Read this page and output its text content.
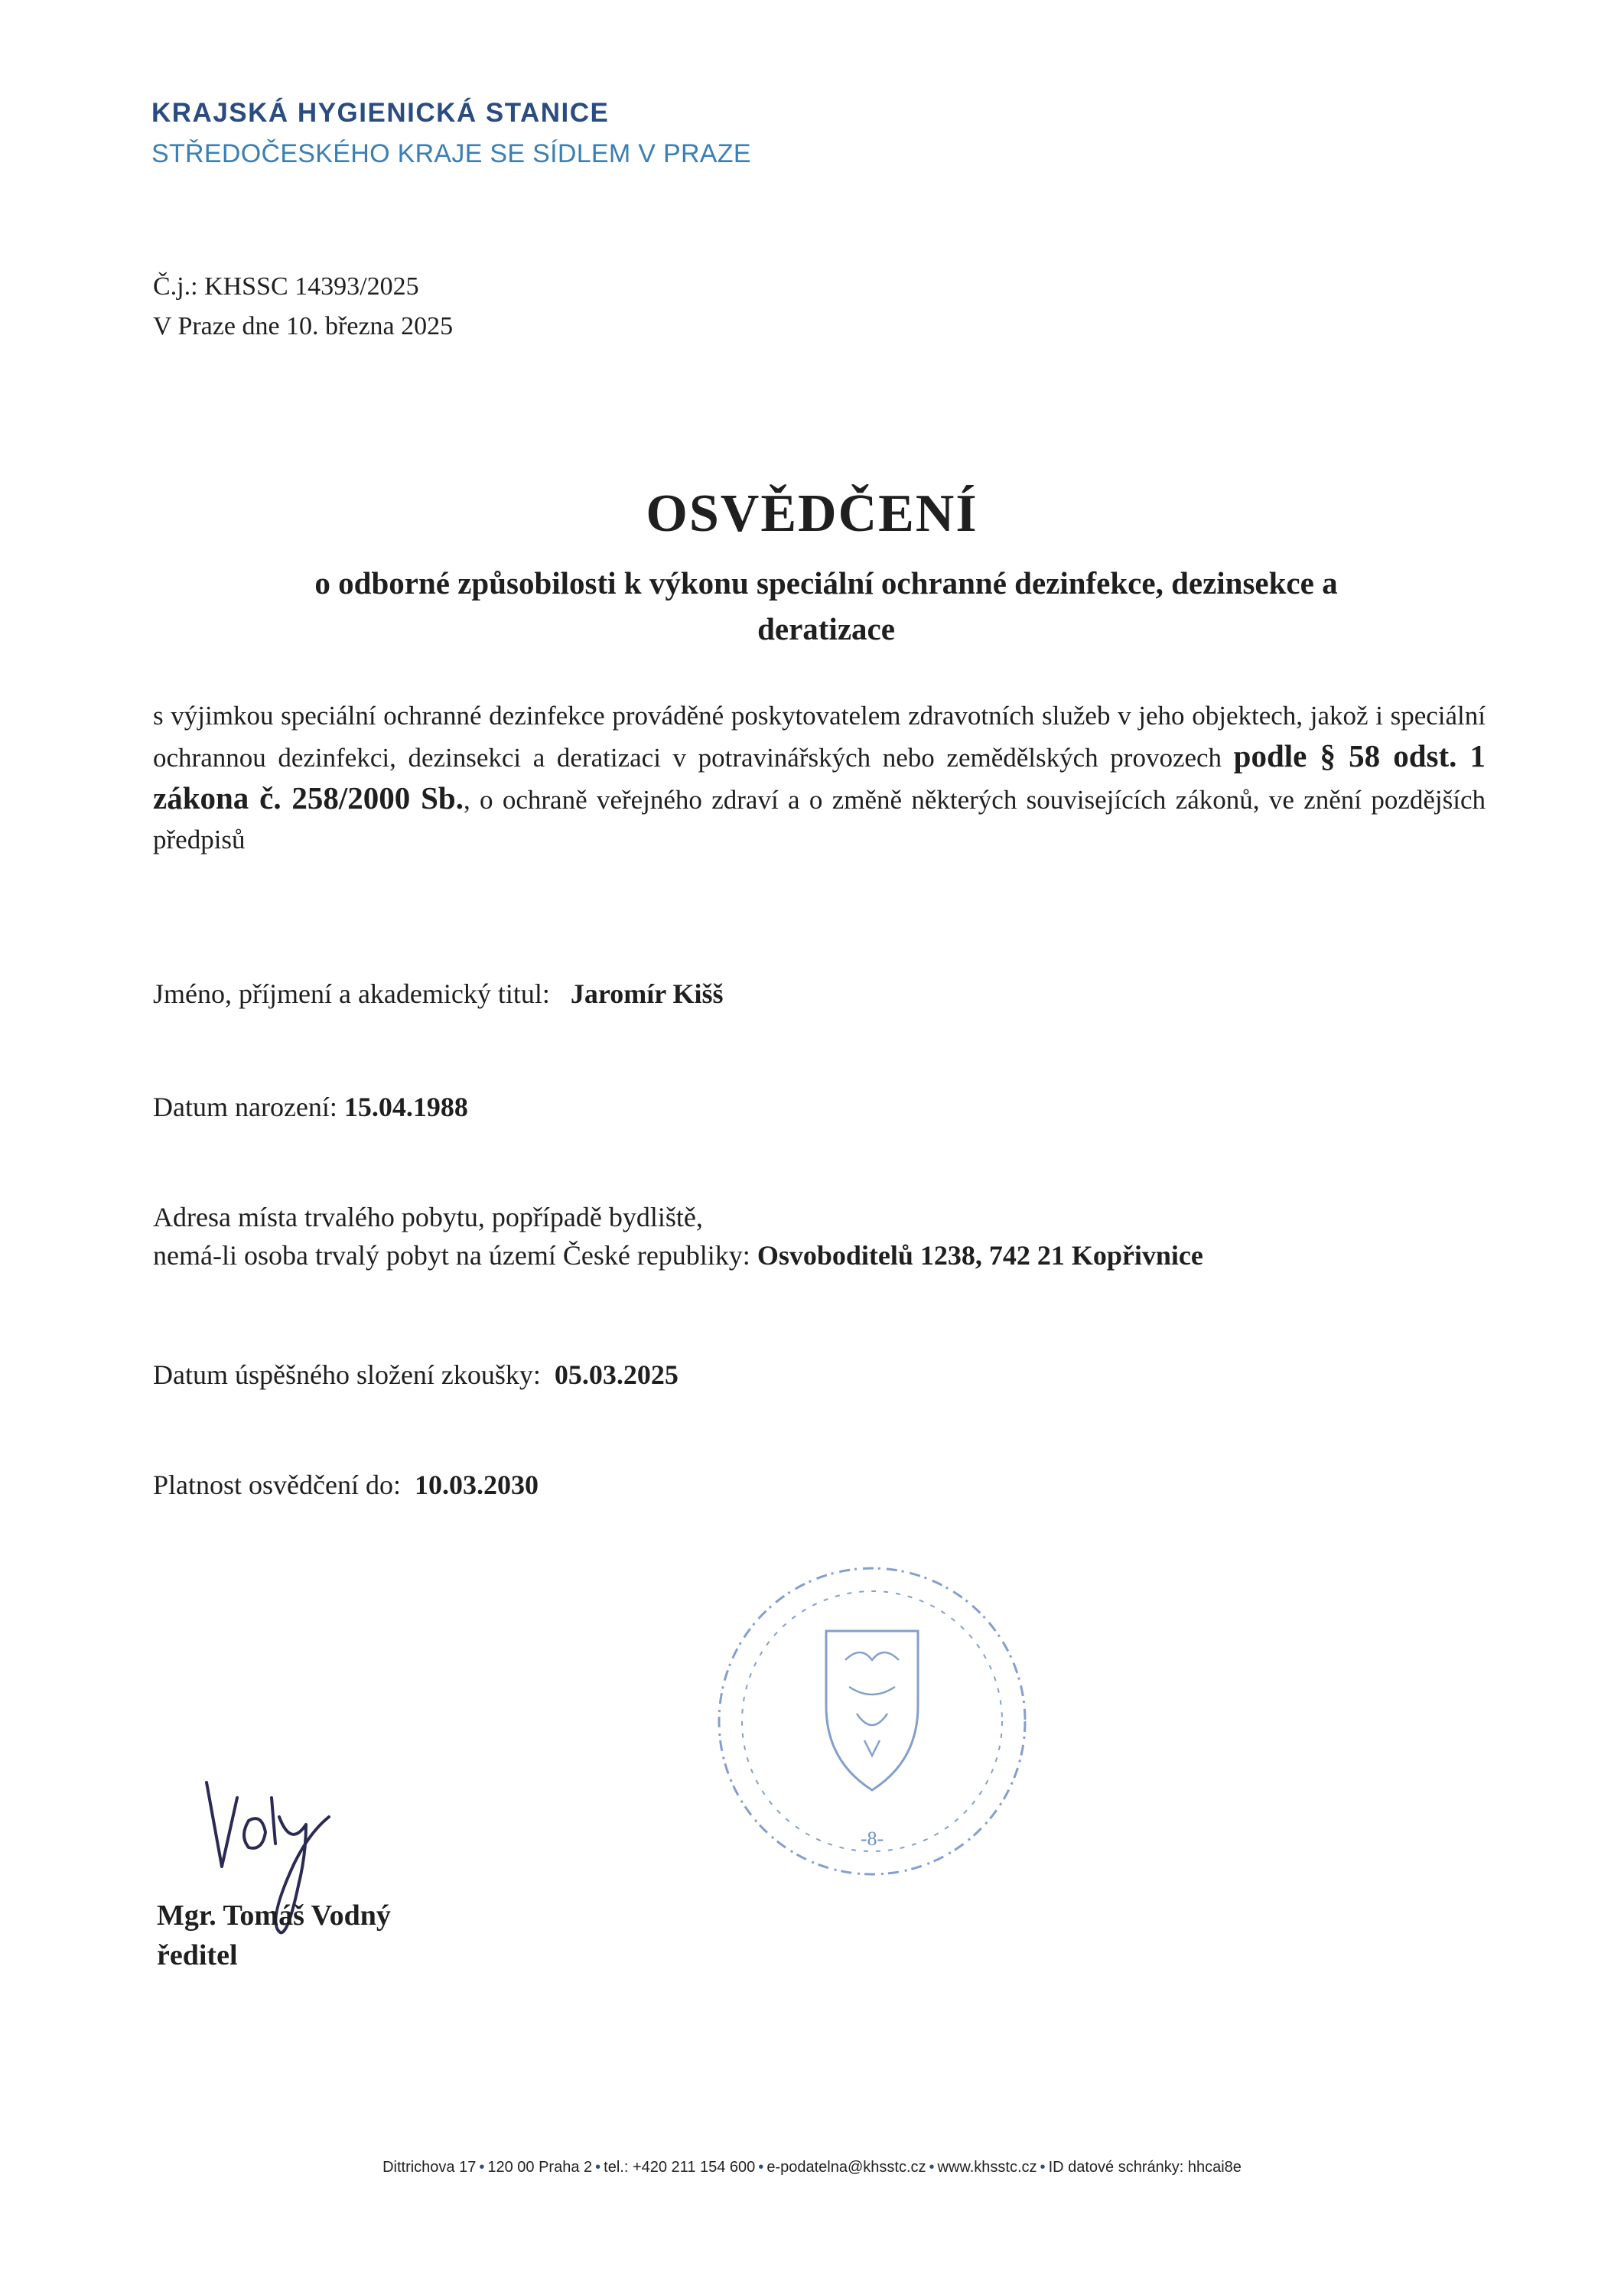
KRAJSKÁ HYGIENICKÁ STANICE
STŘEDOČESKÉHO KRAJE SE SÍDLEM V PRAZE
Č.j.: KHSSC 14393/2025
V Praze dne 10. března 2025
OSVĚDČENÍ
o odborné způsobilosti k výkonu speciální ochranné dezinfekce, dezinsekce a
deratizace
s výjimkou speciální ochranné dezinfekce prováděné poskytovatelem zdravotních služeb v jeho objektech, jakož i speciální ochrannou dezinfekci, dezinsekci a deratizaci v potravinářských nebo zemědělských provozech podle § 58 odst. 1 zákona č. 258/2000 Sb., o ochraně veřejného zdraví a o změně některých souvisejících zákonů, ve znění pozdějších předpisů
Jméno, příjmení a akademický titul: Jaromír Kišš
Datum narození: 15.04.1988
Adresa místa trvalého pobytu, popřípadě bydliště,
nemá-li osoba trvalý pobyt na území České republiky: Osvoboditelů 1238, 742 21 Kopřivnice
Datum úspěšného složení zkoušky: 05.03.2025
Platnost osvědčení do: 10.03.2030
-8-
Mgr. Tomáš Vodný
ředitel
Dittrichova 17 • 120 00 Praha 2 • tel.: +420 211 154 600 • e-podatelna@khsstc.cz • www.khsstc.cz • ID datové schránky: hhcai8e
